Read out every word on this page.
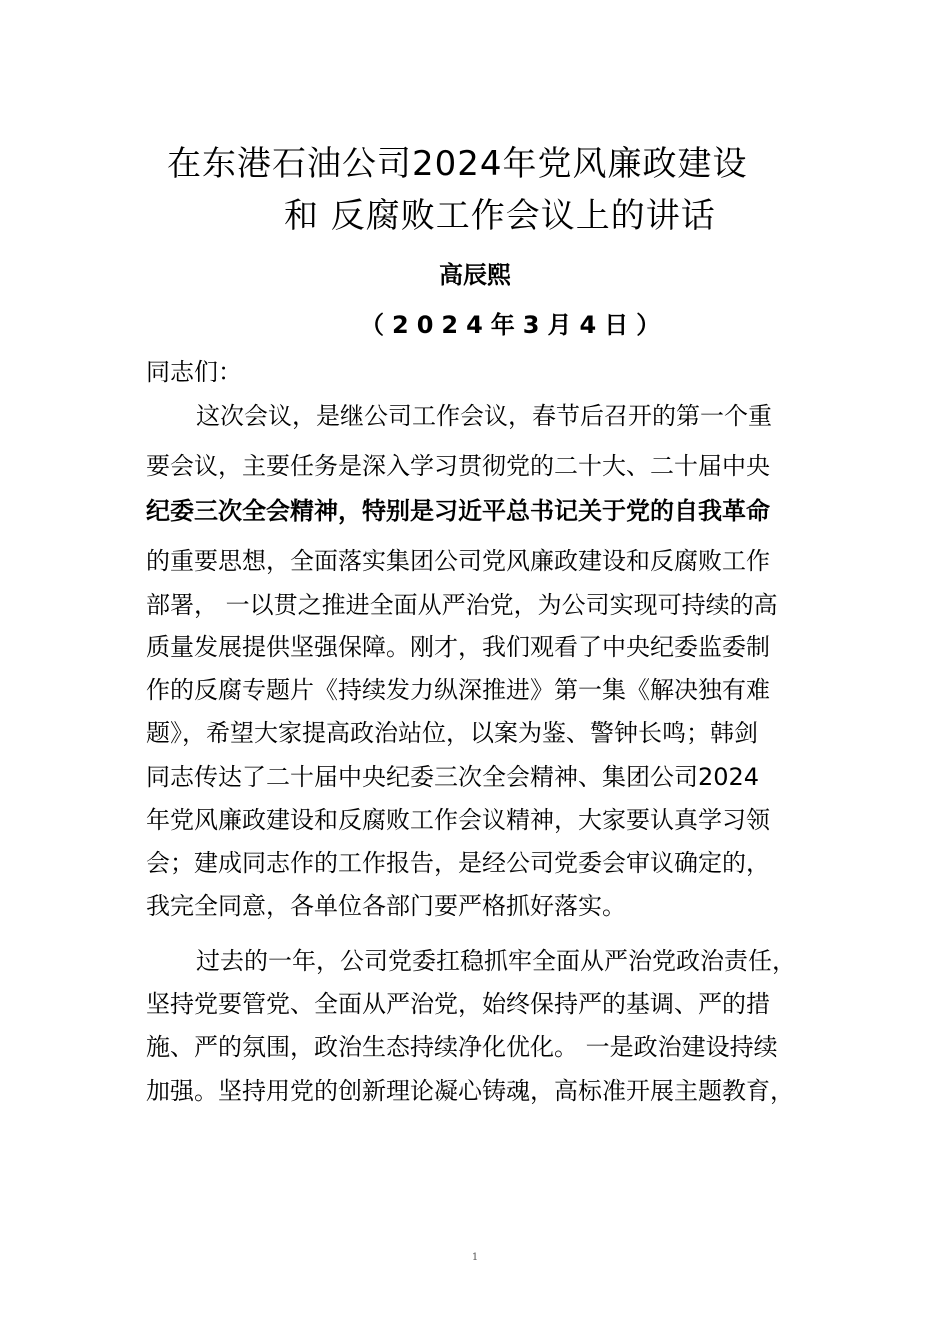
在东港石油公司2024年党风廉政建设
和 反腐败工作会议上的讲话
高辰熙
（2024年3月4日）
同志们：
这次会议，是继公司工作会议，春节后召开的第一个重
要会议，主要任务是深入学习贯彻党的二十大、二十届中央
纪委三次全会精神，特别是习近平总书记关于党的自我革命
的重要思想，全面落实集团公司党风廉政建设和反腐败工作
部署， 一以贯之推进全面从严治党，为公司实现可持续的高
质量发展提供坚强保障。刚才，我们观看了中央纪委监委制
作的反腐专题片《持续发力纵深推进》第一集《解决独有难
题》，希望大家提高政治站位，以案为鉴、警钟长鸣；韩剑
同志传达了二十届中央纪委三次全会精神、集团公司2024
年党风廉政建设和反腐败工作会议精神，大家要认真学习领
会；建成同志作的工作报告，是经公司党委会审议确定的，
我完全同意，各单位各部门要严格抓好落实。
过去的一年，公司党委扛稳抓牢全面从严治党政治责任，
坚持党要管党、全面从严治党，始终保持严的基调、严的措
施、严的氛围，政治生态持续净化优化。 一是政治建设持续
加强。坚持用党的创新理论凝心铸魂，高标准开展主题教育，
1
